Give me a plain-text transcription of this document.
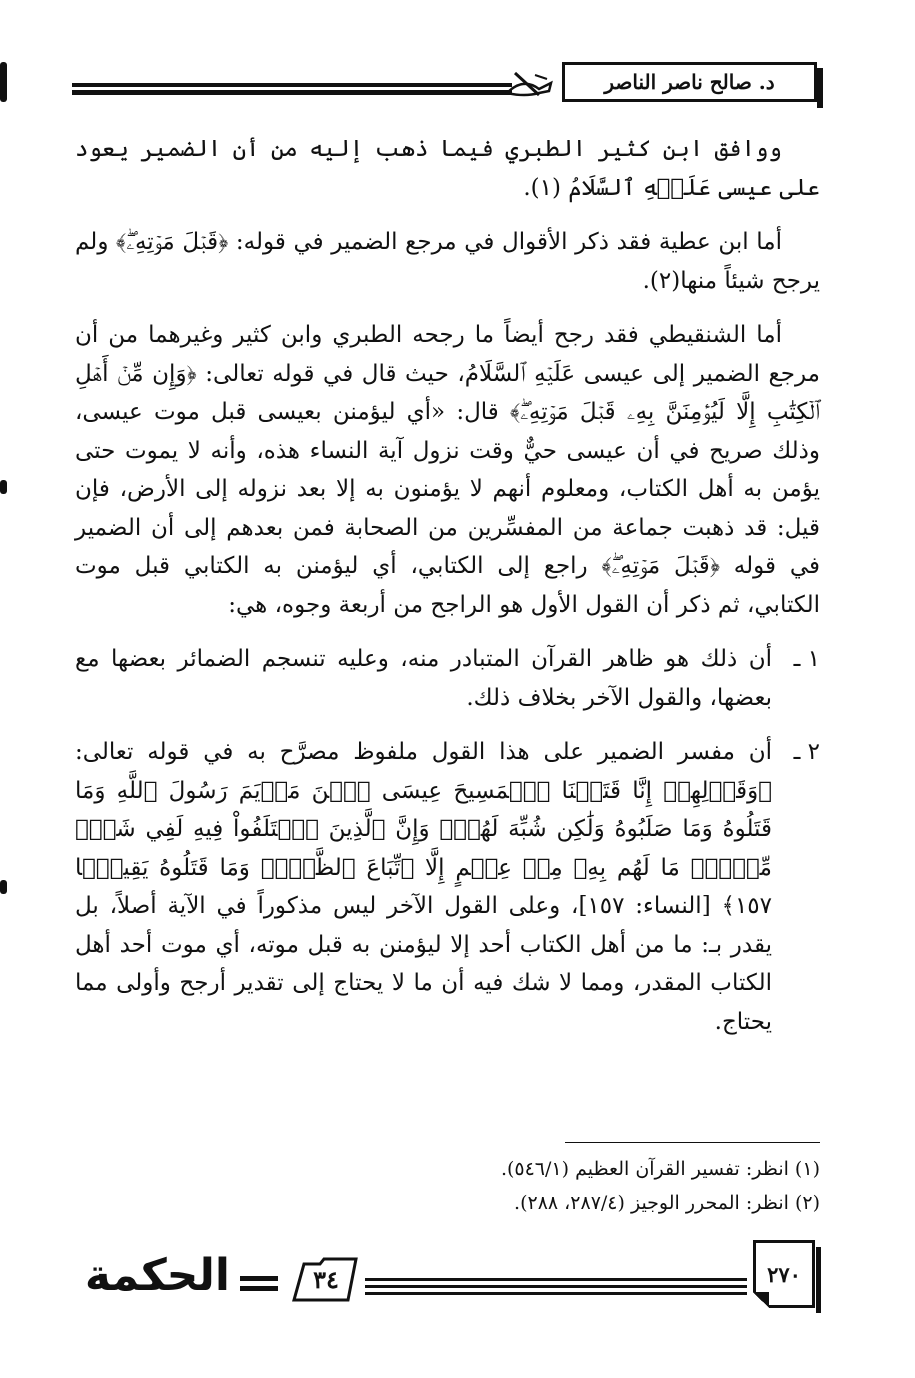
د. صالح ناصر الناصر

ووافق ابن كثير الطبري فيما ذهب إليه من أن الضمير يعود على عيسى عَلَيۡهِ ٱلسَّلَامُ (١).

أما ابن عطية فقد ذكر الأقوال في مرجع الضمير في قوله: ﴿قَبۡلَ مَوۡتِهِۦۖ﴾ ولم يرجح شيئاً منها(٢).

أما الشنقيطي فقد رجح أيضاً ما رجحه الطبري وابن كثير وغيرهما من أن مرجع الضمير إلى عيسى عَلَيۡهِ ٱلسَّلَامُ، حيث قال في قوله تعالى: ﴿وَإِن مِّنۡ أَهۡلِ ٱلۡكِتَٰبِ إِلَّا لَيُؤۡمِنَنَّ بِهِۦ قَبۡلَ مَوۡتِهِۦۖ﴾ قال: «أي ليؤمنن بعيسى قبل موت عيسى، وذلك صريح في أن عيسى حيٌّ وقت نزول آية النساء هذه، وأنه لا يموت حتى يؤمن به أهل الكتاب، ومعلوم أنهم لا يؤمنون به إلا بعد نزوله إلى الأرض، فإن قيل: قد ذهبت جماعة من المفسِّرين من الصحابة فمن بعدهم إلى أن الضمير في قوله ﴿قَبۡلَ مَوۡتِهِۦۖ﴾ راجع إلى الكتابي، أي ليؤمنن به الكتابي قبل موت الكتابي، ثم ذكر أن القول الأول هو الراجح من أربعة وجوه، هي:

١ ـ
أن ذلك هو ظاهر القرآن المتبادر منه، وعليه تنسجم الضمائر بعضها مع بعضها، والقول الآخر بخلاف ذلك.
٢ ـ
أن مفسر الضمير على هذا القول ملفوظ مصرَّح به في قوله تعالى: ﴿وَقَوۡلِهِمۡ إِنَّا قَتَلۡنَا ٱلۡمَسِيحَ عِيسَى ٱبۡنَ مَرۡيَمَ رَسُولَ ٱللَّهِ وَمَا قَتَلُوهُ وَمَا صَلَبُوهُ وَلَٰكِن شُبِّهَ لَهُمۡۚ وَإِنَّ ٱلَّذِينَ ٱخۡتَلَفُواْ فِيهِ لَفِي شَكّٖ مِّنۡهُۚ مَا لَهُم بِهِۦ مِنۡ عِلۡمٍ إِلَّا ٱتِّبَاعَ ٱلظَّنِّۚ وَمَا قَتَلُوهُ يَقِينَۢا ١٥٧﴾ [النساء: ١٥٧]، وعلى القول الآخر ليس مذكوراً في الآية أصلاً، بل يقدر بـ: ما من أهل الكتاب أحد إلا ليؤمنن به قبل موته، أي موت أحد أهل الكتاب المقدر، ومما لا شك فيه أن ما لا يحتاج إلى تقدير أرجح وأولى مما يحتاج.
(١) انظر: تفسير القرآن العظيم (٥٤٦/١).
(٢) انظر: المحرر الوجيز (٢٨٧/٤، ٢٨٨).
٢٧٠
٣٤
الحكمة
